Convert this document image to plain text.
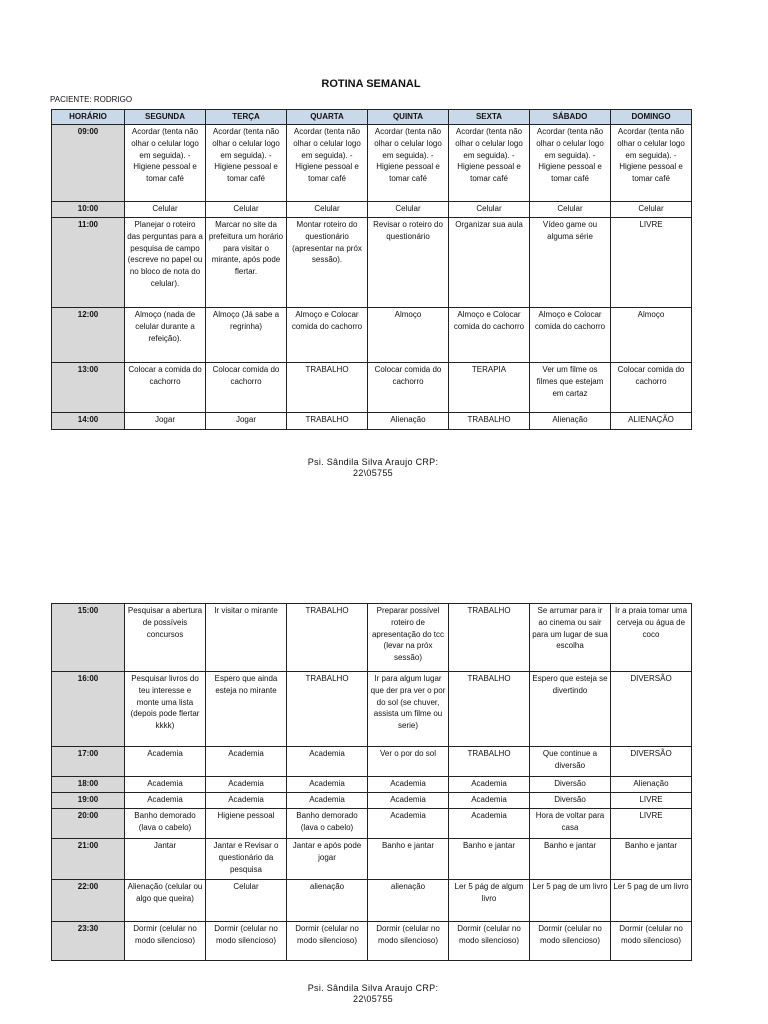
ROTINA SEMANAL
PACIENTE: RODRIGO
HORÁRIO	SEGUNDA	TERÇA	QUARTA	QUINTA	SEXTA	SÁBADO	DOMINGO
09:00	Acordar (tenta não olhar o celular logo em seguida). -Higiene pessoal e tomar café	Acordar (tenta não olhar o celular logo em seguida). -Higiene pessoal e tomar café	Acordar (tenta não olhar o celular logo em seguida). -Higiene pessoal e tomar café	Acordar (tenta não olhar o celular logo em seguida). -Higiene pessoal e tomar café	Acordar (tenta não olhar o celular logo em seguida). -Higiene pessoal e tomar café	Acordar (tenta não olhar o celular logo em seguida). -Higiene pessoal e tomar café	Acordar (tenta não olhar o celular logo em seguida). -Higiene pessoal e tomar café
10:00	Celular	Celular	Celular	Celular	Celular	Celular	Celular
11:00	Planejar o roteiro das perguntas para a pesquisa de campo (escreve no papel ou no bloco de nota do celular).	Marcar no site da prefeitura um horário para visitar o mirante, após pode flertar.	Montar roteiro do questionário (apresentar na próx sessão).	Revisar o roteiro do questionário	Organizar sua aula	Vídeo game ou alguma série	LIVRE
12:00	Almoço (nada de celular durante a refeição).	Almoço (Já sabe a regrinha)	Almoço e Colocar comida do cachorro	Almoço	Almoço e Colocar comida do cachorro	Almoço e Colocar comida do cachorro	Almoço
13:00	Colocar a comida do cachorro	Colocar comida do cachorro	TRABALHO	Colocar comida do cachorro	TERAPIA	Ver um filme os filmes que estejam em cartaz	Colocar comida do cachorro
14:00	Jogar	Jogar	TRABALHO	Alienação	TRABALHO	Alienação	ALIENAÇÃO
Psi. Sândila Silva Araujo CRP:
22\05755
15:00	Pesquisar a abertura de possíveis concursos	Ir visitar o mirante	TRABALHO	Preparar possível roteiro de apresentação do tcc (levar na próx sessão)	TRABALHO	Se arrumar para ir ao cinema ou sair para um lugar de sua escolha	Ir a praia tomar uma cerveja ou água de coco
16:00	Pesquisar livros do teu interesse e monte uma lista (depois pode flertar kkkk)	Espero que ainda esteja no mirante	TRABALHO	Ir para algum lugar que der pra ver o por do sol (se chuver, assista um filme ou serie)	TRABALHO	Espero que esteja se divertindo	DIVERSÃO
17:00	Academia	Academia	Academia	Ver o por do sol	TRABALHO	Que continue a diversão	DIVERSÃO
18:00	Academia	Academia	Academia	Academia	Academia	Diversão	Alienação
19:00	Academia	Academia	Academia	Academia	Academia	Diversão	LIVRE
20:00	Banho demorado (lava o cabelo)	Higiene pessoal	Banho demorado (lava o cabelo)	Academia	Academia	Hora de voltar para casa	LIVRE
21:00	Jantar	Jantar e Revisar o questionário da pesquisa	Jantar e após pode jogar	Banho e jantar	Banho e jantar	Banho e jantar	Banho e jantar
22:00	Alienação (celular ou algo que queira)	Celular	alienação	alienação	Ler 5 pág de algum livro	Ler 5 pag de um livro	Ler 5 pag de um livro
23:30	Dormir (celular no modo silencioso)	Dormir (celular no modo silencioso)	Dormir (celular no modo silencioso)	Dormir (celular no modo silencioso)	Dormir (celular no modo silencioso)	Dormir (celular no modo silencioso)	Dormir (celular no modo silencioso)
Psi. Sândila Silva Araujo CRP:
22\05755
